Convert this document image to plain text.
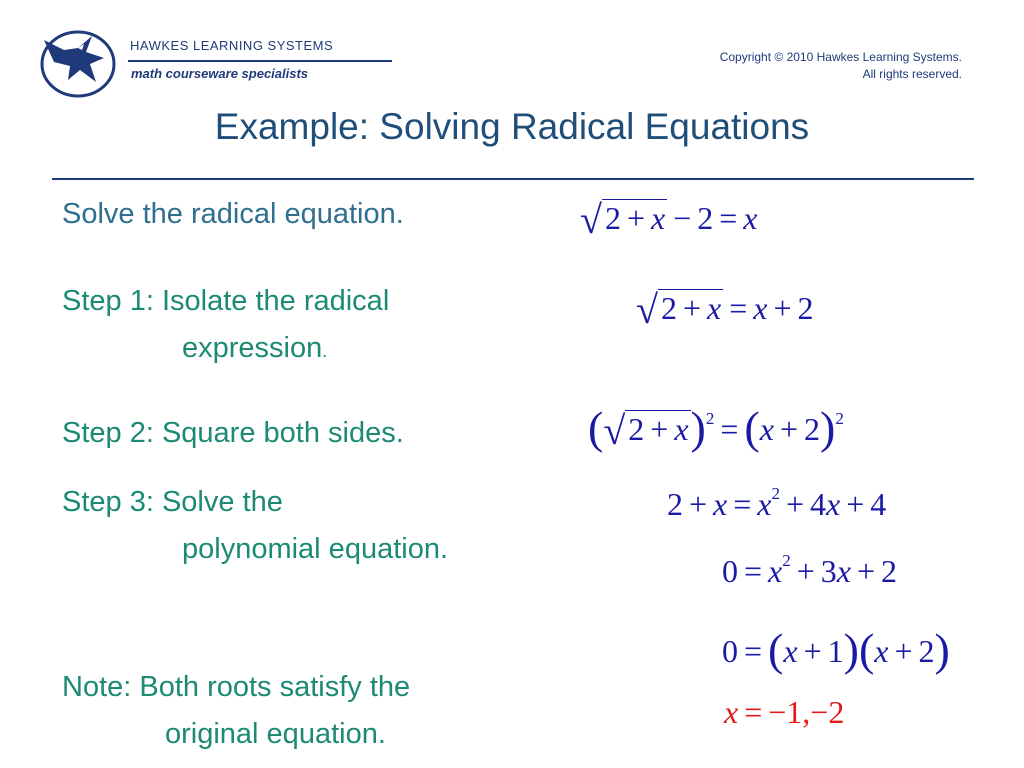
HAWKES LEARNING SYSTEMS
math courseware specialists
Copyright © 2010 Hawkes Learning Systems.
All rights reserved.
Example: Solving Radical Equations
Solve the radical equation.
Step 1: Isolate the radical
expression.
Step 2: Square both sides.
Step 3: Solve the
polynomial equation.
Note: Both roots satisfy the
original equation.
√2 + x − 2 = x
√2 + x = x + 2
$(√2 + x)^2 = (x + 2)^2$
$2 + x = x^2 + 4x + 4$
$0 = x^2 + 3x + 2$
0 = (x + 1)(x + 2)
x = −1,−2
